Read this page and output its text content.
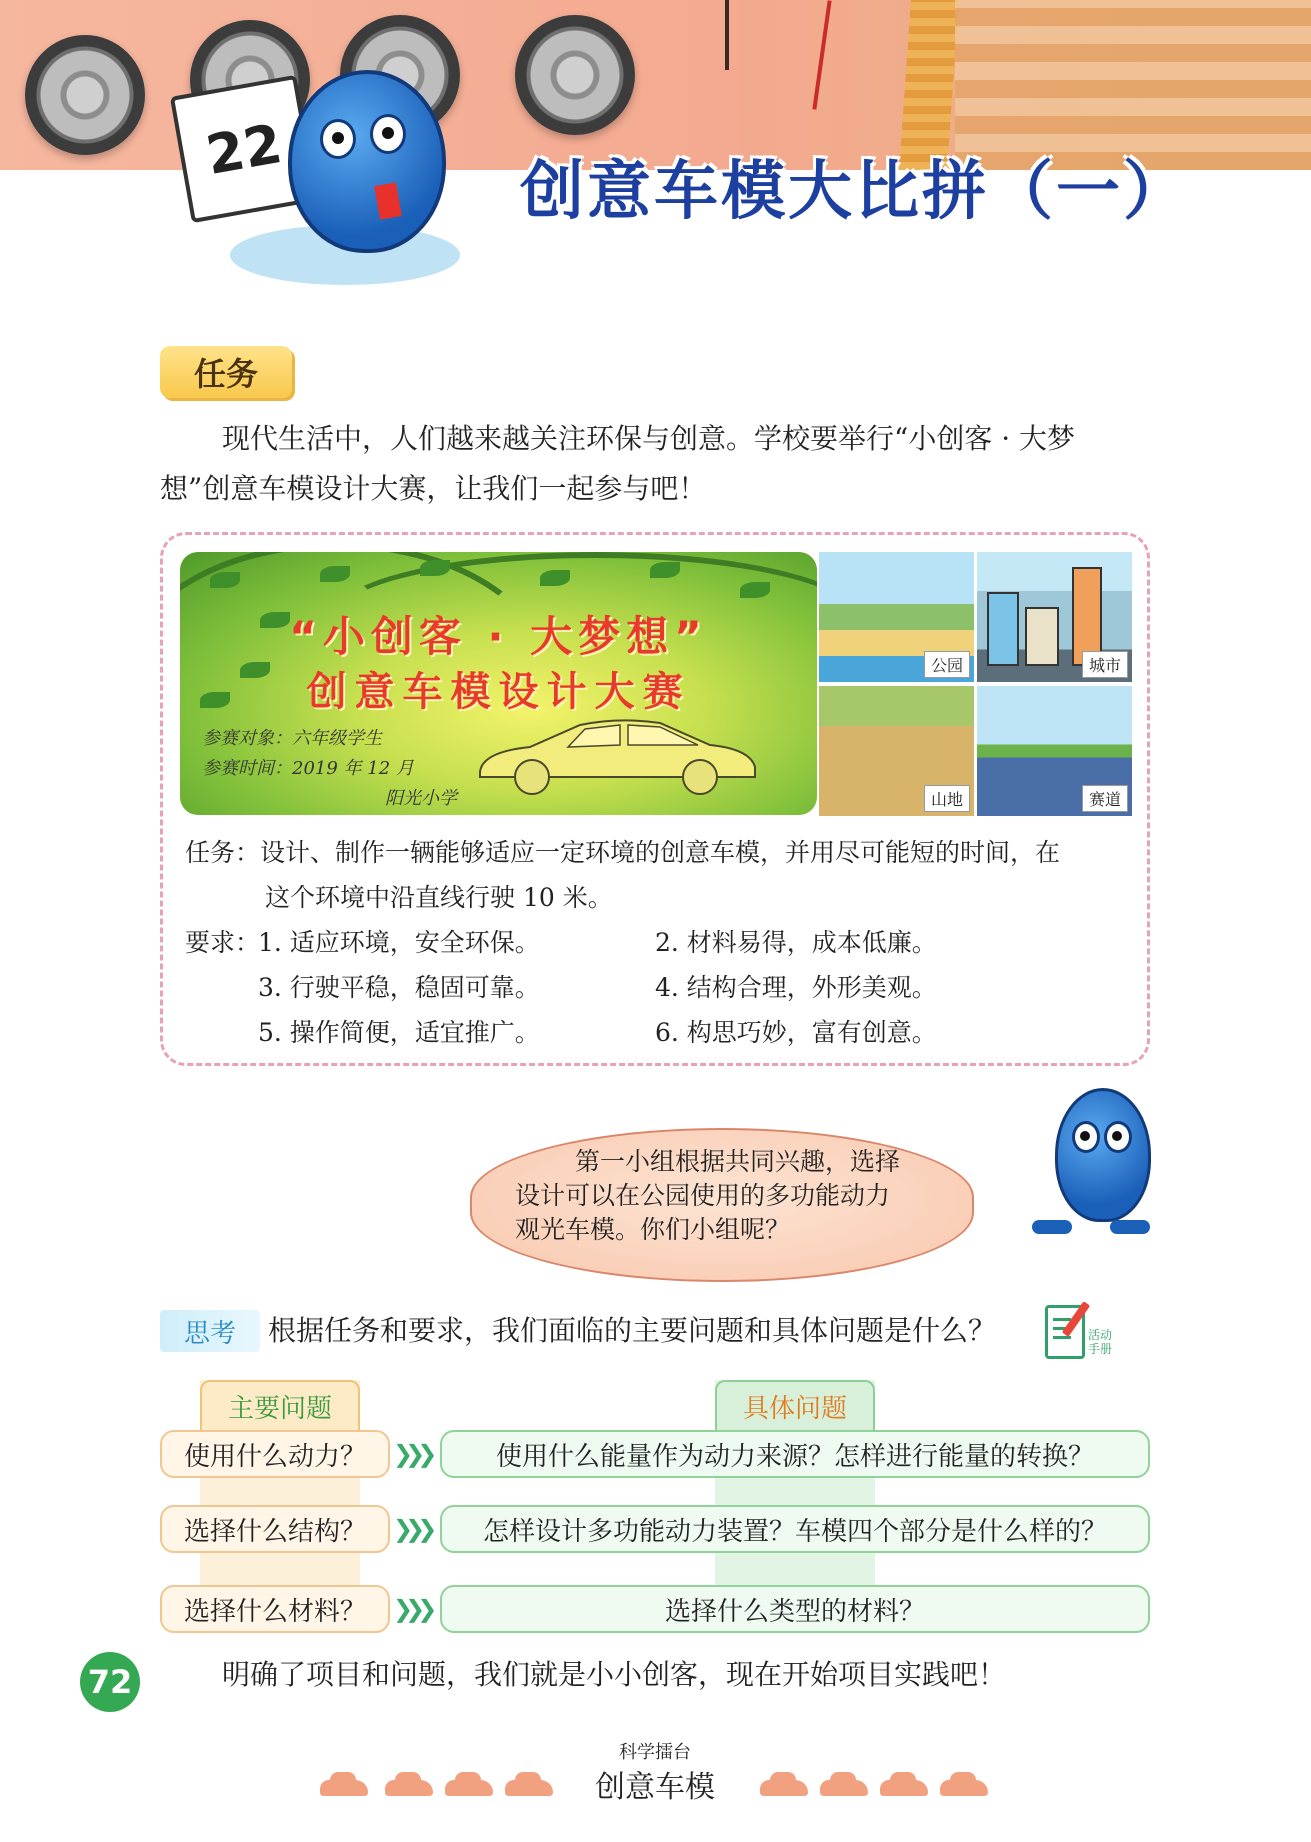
22
创意车模大比拼（一）
任务
现代生活中，人们越来越关注环保与创意。学校要举行“小创客 · 大梦
想”创意车模设计大赛，让我们一起参与吧！
“小创客 · 大梦想”
创意车模设计大赛
参赛对象：六年级学生
参赛时间：2019 年 12 月
阳光小学
公园	城市
山地	赛道
任务：设计、制作一辆能够适应一定环境的创意车模，并用尽可能短的时间，在
这个环境中沿直线行驶 10 米。
要求：
1. 适应环境，安全环保。	2. 材料易得，成本低廉。
3. 行驶平稳，稳固可靠。	4. 结构合理，外形美观。
5. 操作简便，适宜推广。	6. 构思巧妙，富有创意。
第一小组根据共同兴趣，选择
设计可以在公园使用的多功能动力
观光车模。你们小组呢？
思考	根据任务和要求，我们面临的主要问题和具体问题是什么？	活动手册
主要问题	具体问题
使用什么动力？	❯❯❯	使用什么能量作为动力来源？怎样进行能量的转换？
选择什么结构？	❯❯❯	怎样设计多功能动力装置？车模四个部分是什么样的？
选择什么材料？	❯❯❯	选择什么类型的材料？
72	明确了项目和问题，我们就是小小创客，现在开始项目实践吧！
科学擂台
创意车模
